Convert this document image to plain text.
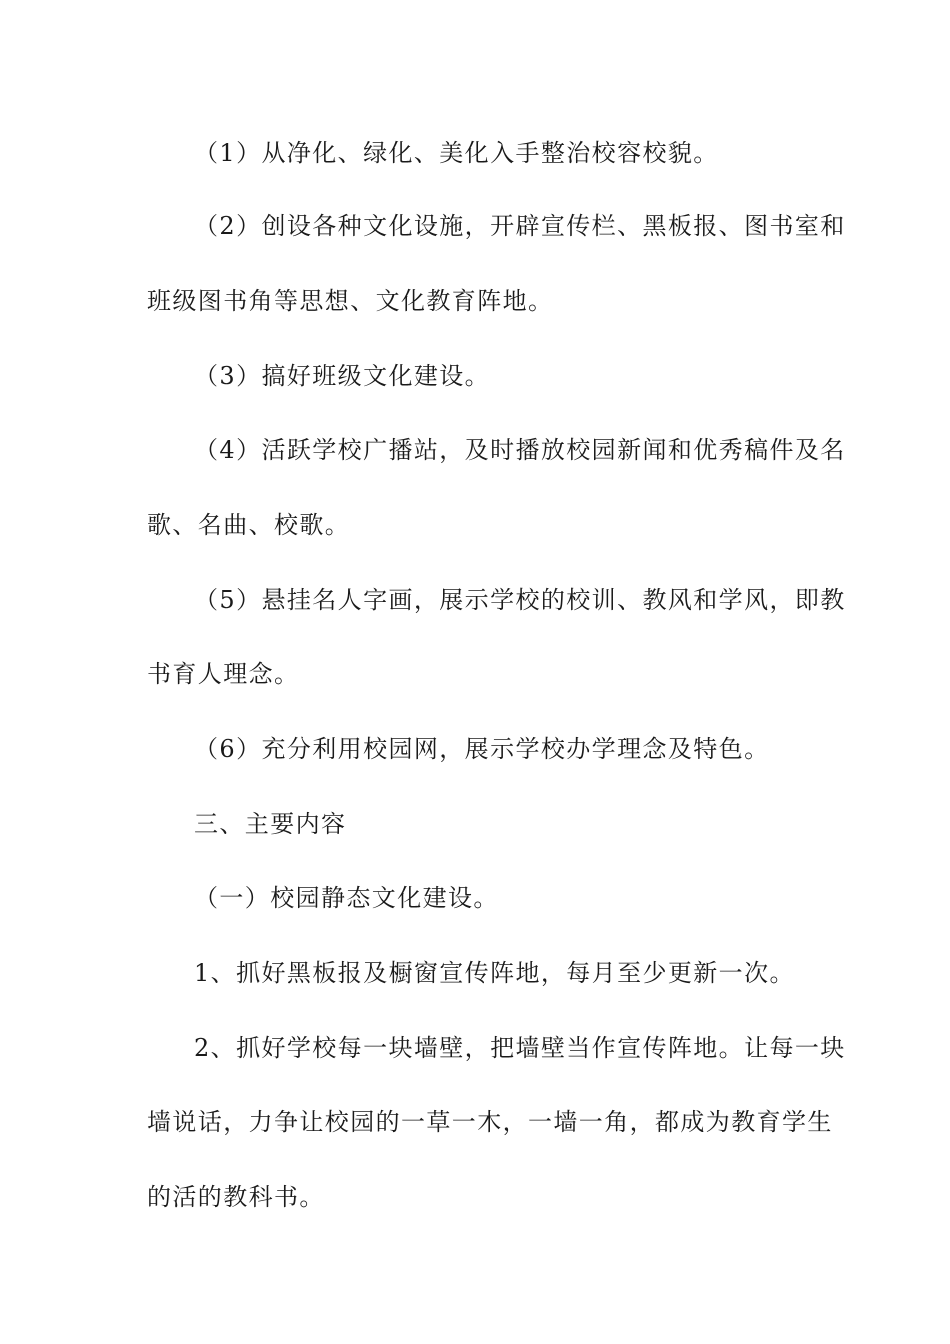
（1）从净化、绿化、美化入手整治校容校貌。
（2）创设各种文化设施，开辟宣传栏、黑板报、图书室和
班级图书角等思想、文化教育阵地。
（3）搞好班级文化建设。
（4）活跃学校广播站，及时播放校园新闻和优秀稿件及名
歌、名曲、校歌。
（5）悬挂名人字画，展示学校的校训、教风和学风，即教
书育人理念。
（6）充分利用校园网，展示学校办学理念及特色。
三、主要内容
（一）校园静态文化建设。
1、抓好黑板报及橱窗宣传阵地，每月至少更新一次。
2、抓好学校每一块墙壁，把墙壁当作宣传阵地。让每一块
墙说话，力争让校园的一草一木，一墙一角，都成为教育学生
的活的教科书。
